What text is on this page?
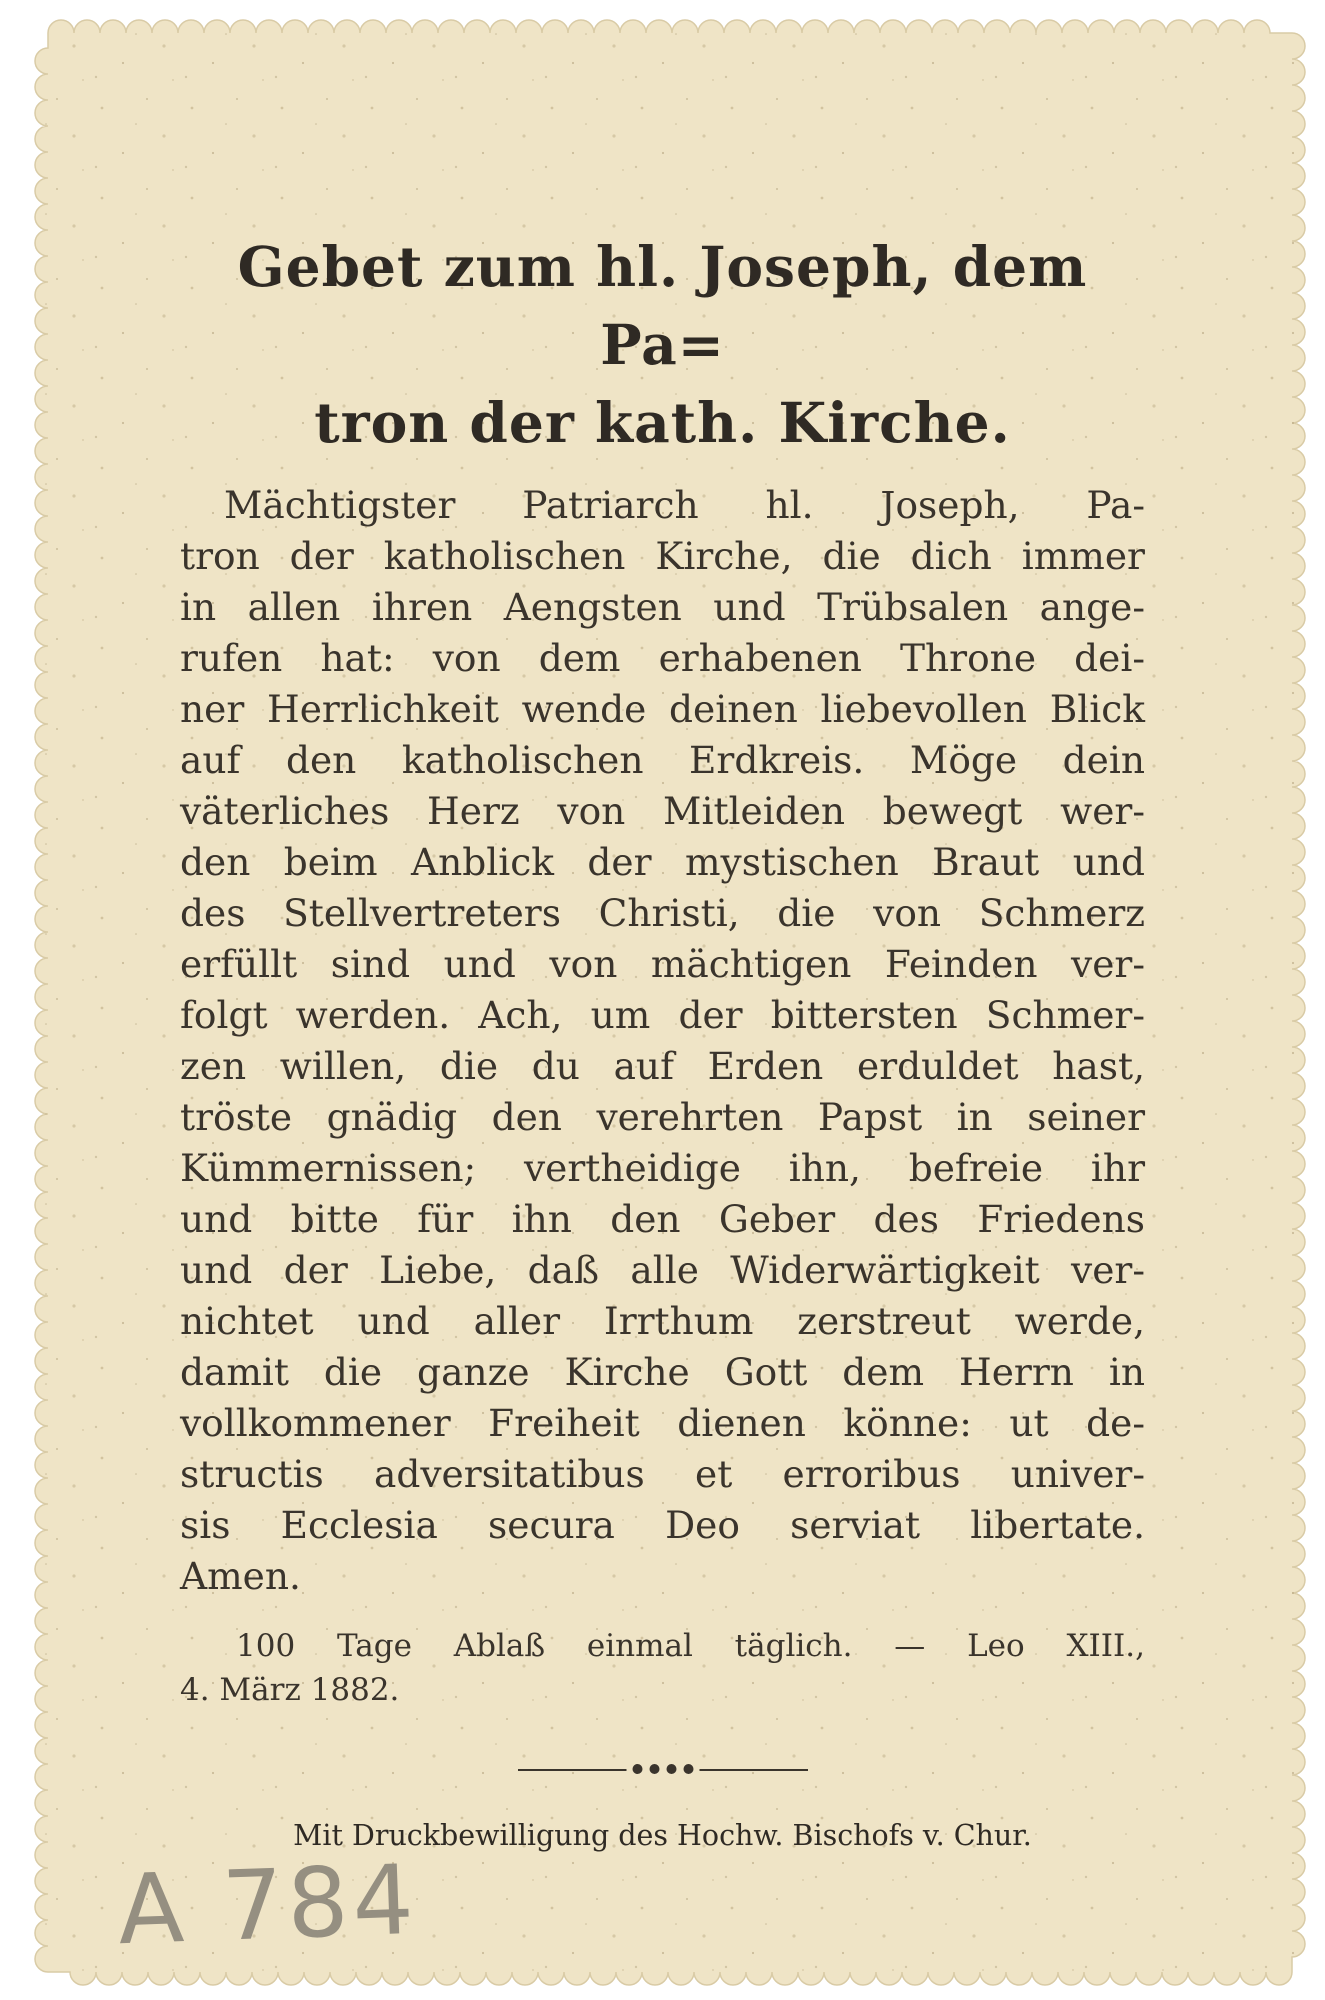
Gebet zum hl. Joseph, dem Pa=
tron der kath. Kirche.
Mächtigster Patriarch hl. Joseph, Pa-
tron der katholischen Kirche, die dich immer
in allen ihren Aengsten und Trübsalen ange-
rufen hat: von dem erhabenen Throne dei-
ner Herrlichkeit wende deinen liebevollen Blick
auf den katholischen Erdkreis. Möge dein
väterliches Herz von Mitleiden bewegt wer-
den beim Anblick der mystischen Braut und
des Stellvertreters Christi, die von Schmerz
erfüllt sind und von mächtigen Feinden ver-
folgt werden. Ach, um der bittersten Schmer-
zen willen, die du auf Erden erduldet hast,
tröste gnädig den verehrten Papst in seiner
Kümmernissen; vertheidige ihn, befreie ihr
und bitte für ihn den Geber des Friedens
und der Liebe, daß alle Widerwärtigkeit ver-
nichtet und aller Irrthum zerstreut werde,
damit die ganze Kirche Gott dem Herrn in
vollkommener Freiheit dienen könne: ut de-
structis adversitatibus et erroribus univer-
sis Ecclesia secura Deo serviat libertate.
Amen.
100 Tage Ablaß einmal täglich. — Leo XIII.,
4. März 1882.
Mit Druckbewilligung des Hochw. Bischofs v. Chur.
A 784
